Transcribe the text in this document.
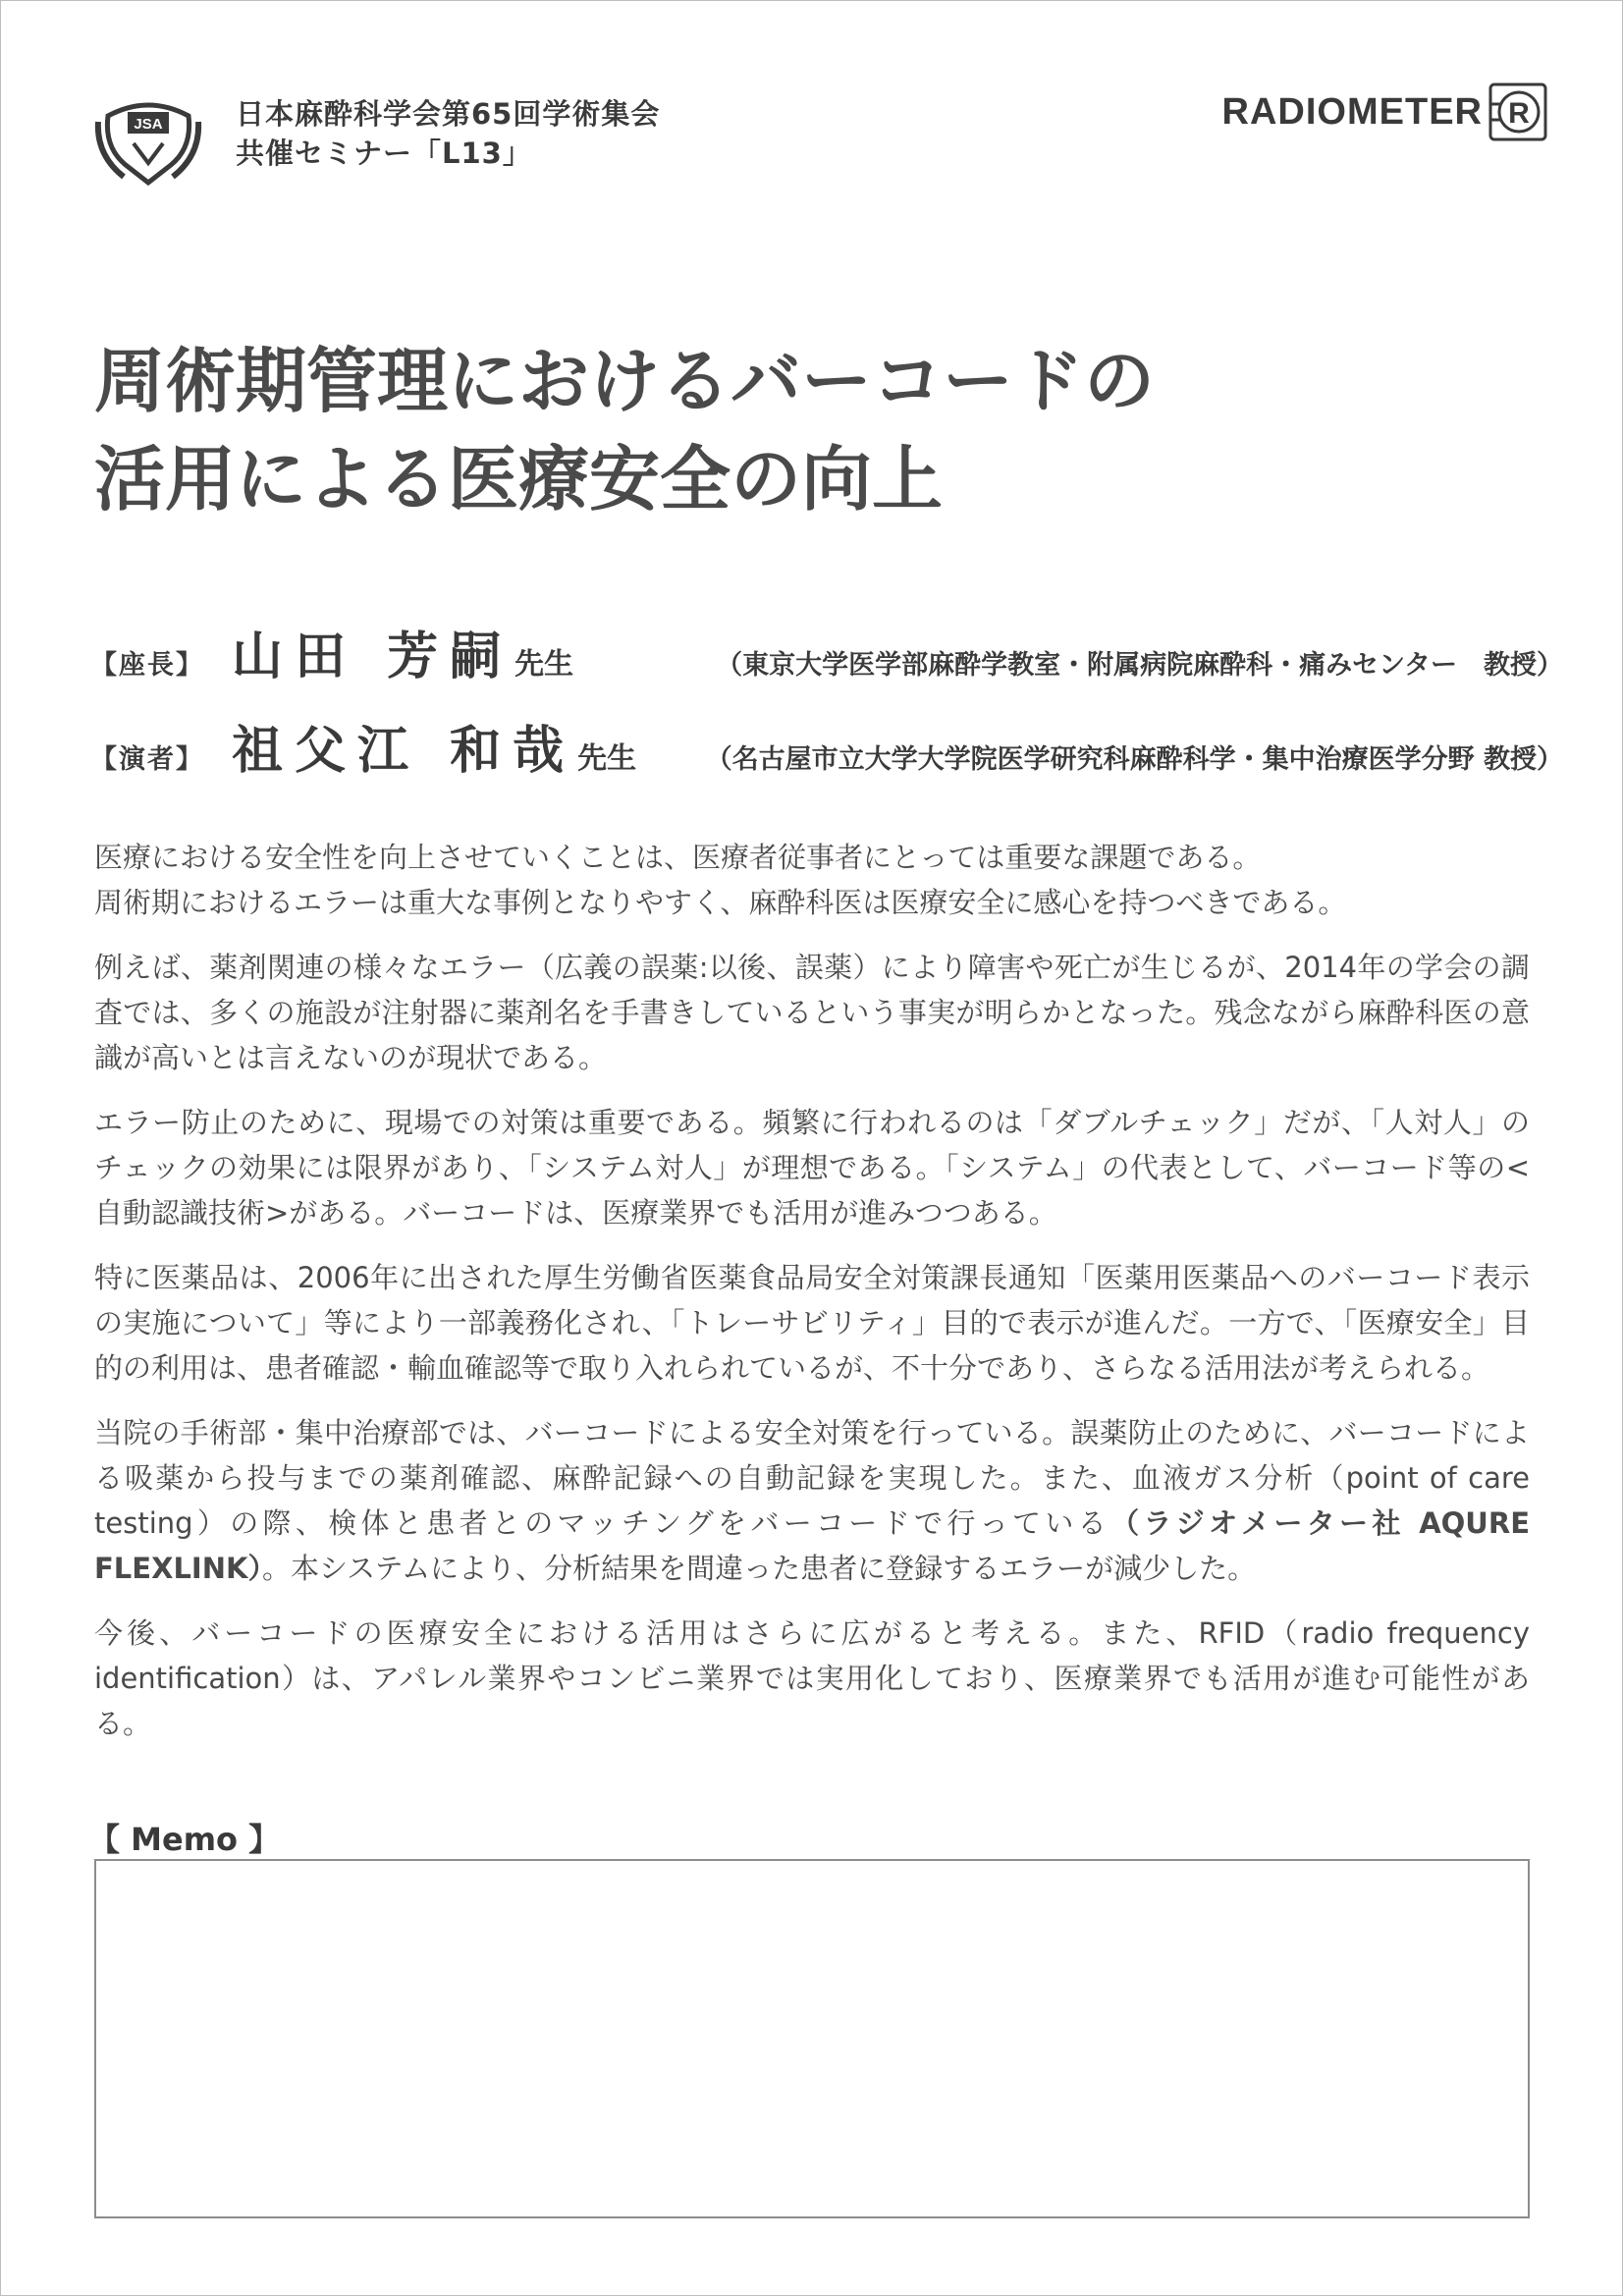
JSA	日本麻酔科学会第65回学術集会
共催セミナー「L13」
RADIOMETER R
周術期管理におけるバーコードの
活用による医療安全の向上
【座長】 山田 芳嗣 先生	（東京大学医学部麻酔学教室・附属病院麻酔科・痛みセンター　教授）
【演者】 祖父江 和哉 先生	（名古屋市立大学大学院医学研究科麻酔科学・集中治療医学分野 教授）

医療における安全性を向上させていくことは、医療者従事者にとっては重要な課題である。
周術期におけるエラーは重大な事例となりやすく、麻酔科医は医療安全に感心を持つべきである。

例えば、薬剤関連の様々なエラー（広義の誤薬:以後、誤薬）により障害や死亡が生じるが、2014年の学会の調査では、多くの施設が注射器に薬剤名を手書きしているという事実が明らかとなった。残念ながら麻酔科医の意識が高いとは言えないのが現状である。

エラー防止のために、現場での対策は重要である。頻繁に行われるのは「ダブルチェック」だが、「人対人」のチェックの効果には限界があり、「システム対人」が理想である。「システム」の代表として、バーコード等の<自動認識技術>がある。バーコードは、医療業界でも活用が進みつつある。

特に医薬品は、2006年に出された厚生労働省医薬食品局安全対策課長通知「医薬用医薬品へのバーコード表示の実施について」等により一部義務化され、「トレーサビリティ」目的で表示が進んだ。一方で、「医療安全」目的の利用は、患者確認・輸血確認等で取り入れられているが、不十分であり、さらなる活用法が考えられる。

当院の手術部・集中治療部では、バーコードによる安全対策を行っている。誤薬防止のために、バーコードによる吸薬から投与までの薬剤確認、麻酔記録への自動記録を実現した。また、血液ガス分析（point of care testing）の際、検体と患者とのマッチングをバーコードで行っている（ラジオメーター社 AQURE FLEXLINK）。本システムにより、分析結果を間違った患者に登録するエラーが減少した。

今後、バーコードの医療安全における活用はさらに広がると考える。また、RFID（radio frequency identification）は、アパレル業界やコンビニ業界では実用化しており、医療業界でも活用が進む可能性がある。

【 Memo 】
